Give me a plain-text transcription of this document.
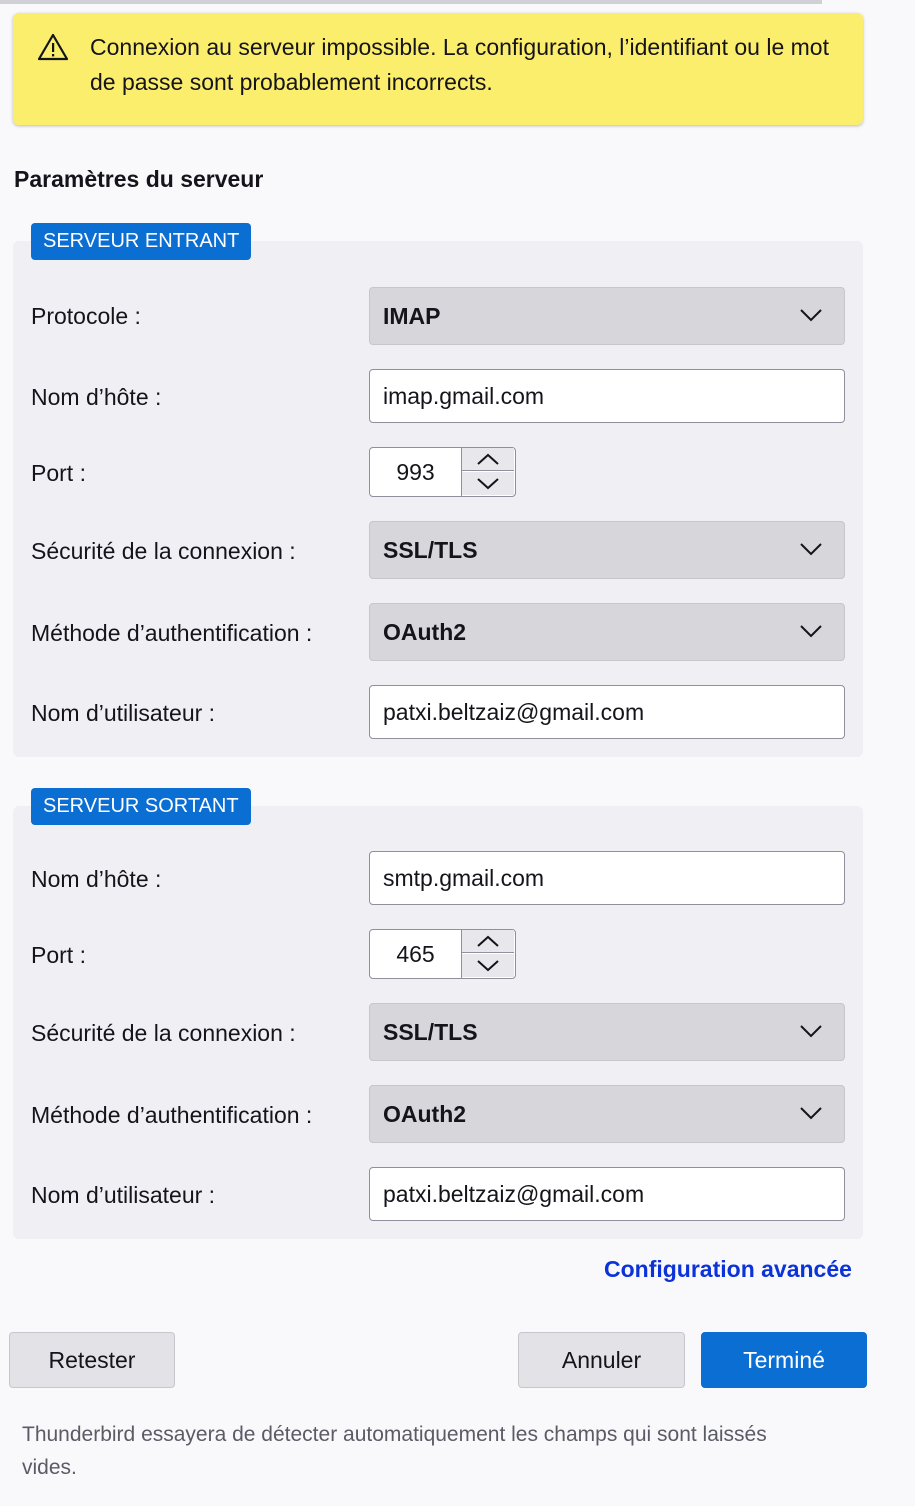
Connexion au serveur impossible. La configuration, l’identifiant ou le mot de passe sont probablement incorrects.
Paramètres du serveur
SERVEUR ENTRANT
Protocole :	IMAP
Nom d’hôte :	imap.gmail.com
Port :	993
Sécurité de la connexion :	SSL/TLS
Méthode d’authentification :	OAuth2
Nom d’utilisateur :	patxi.beltzaiz@gmail.com
SERVEUR SORTANT
Nom d’hôte :	smtp.gmail.com
Port :	465
Sécurité de la connexion :	SSL/TLS
Méthode d’authentification :	OAuth2
Nom d’utilisateur :	patxi.beltzaiz@gmail.com
Configuration avancée
Retester	Annuler	Terminé
Thunderbird essayera de détecter automatiquement les champs qui sont laissés vides.
